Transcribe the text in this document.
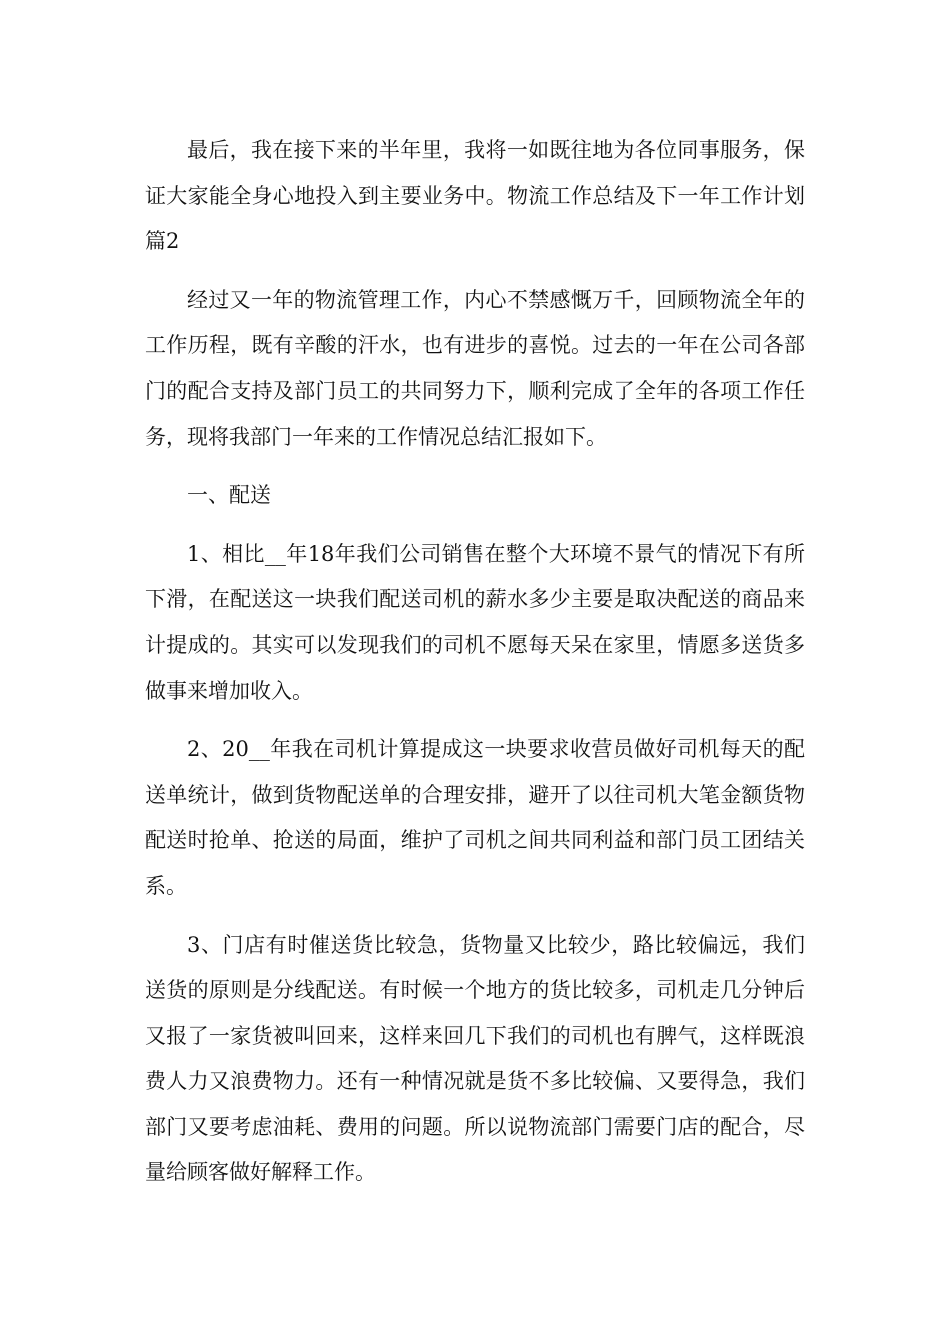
最后，我在接下来的半年里，我将一如既往地为各位同事服务，保证大家能全身心地投入到主要业务中。物流工作总结及下一年工作计划篇2

经过又一年的物流管理工作，内心不禁感慨万千，回顾物流全年的工作历程，既有辛酸的汗水，也有进步的喜悦。过去的一年在公司各部门的配合支持及部门员工的共同努力下，顺利完成了全年的各项工作任务，现将我部门一年来的工作情况总结汇报如下。

一、配送

1、相比__年18年我们公司销售在整个大环境不景气的情况下有所下滑，在配送这一块我们配送司机的薪水多少主要是取决配送的商品来计提成的。其实可以发现我们的司机不愿每天呆在家里，情愿多送货多做事来增加收入。

2、20__年我在司机计算提成这一块要求收营员做好司机每天的配送单统计，做到货物配送单的合理安排，避开了以往司机大笔金额货物配送时抢单、抢送的局面，维护了司机之间共同利益和部门员工团结关系。

3、门店有时催送货比较急，货物量又比较少，路比较偏远，我们送货的原则是分线配送。有时候一个地方的货比较多，司机走几分钟后又报了一家货被叫回来，这样来回几下我们的司机也有脾气，这样既浪费人力又浪费物力。还有一种情况就是货不多比较偏、又要得急，我们部门又要考虑油耗、费用的问题。所以说物流部门需要门店的配合，尽量给顾客做好解释工作。
